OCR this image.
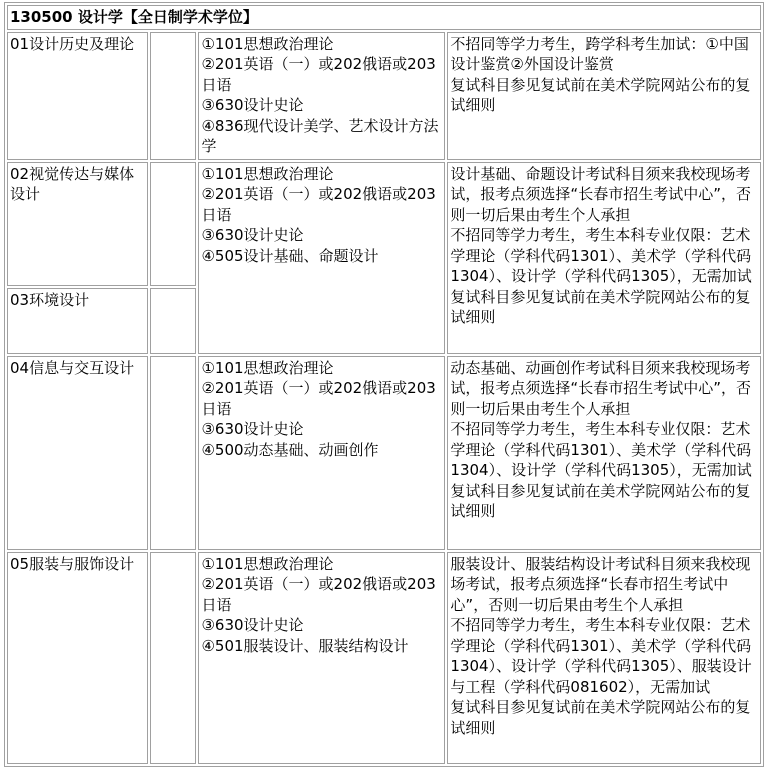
130500 设计学【全日制学术学位】			
01设计历史及理论		①101思想政治理论
②201英语（一）或202俄语或203日语
③630设计史论
④836现代设计美学、艺术设计方法学	不招同等学力考生，跨学科考生加试：①中国设计鉴赏②外国设计鉴赏
复试科目参见复试前在美术学院网站公布的复试细则

02视觉传达与媒体设计		①101思想政治理论
②201英语（一）或202俄语或203日语
③630设计史论
④505设计基础、命题设计	设计基础、命题设计考试科目须来我校现场考试，报考点须选择“长春市招生考试中心”，否则一切后果由考生个人承担
不招同等学力考生，考生本科专业仅限：艺术学理论（学科代码1301）、美术学（学科代码1304）、设计学（学科代码1305），无需加试
复试科目参见复试前在美术学院网站公布的复试细则

03环境设计			
04信息与交互设计		①101思想政治理论
②201英语（一）或202俄语或203日语
③630设计史论
④500动态基础、动画创作	动态基础、动画创作考试科目须来我校现场考试，报考点须选择“长春市招生考试中心”，否则一切后果由考生个人承担
不招同等学力考生，考生本科专业仅限：艺术学理论（学科代码1301）、美术学（学科代码1304）、设计学（学科代码1305），无需加试
复试科目参见复试前在美术学院网站公布的复试细则

05服装与服饰设计		①101思想政治理论
②201英语（一）或202俄语或203日语
③630设计史论
④501服装设计、服装结构设计	服装设计、服装结构设计考试科目须来我校现场考试，报考点须选择“长春市招生考试中心”，否则一切后果由考生个人承担
不招同等学力考生，考生本科专业仅限：艺术学理论（学科代码1301）、美术学（学科代码1304）、设计学（学科代码1305）、服装设计与工程（学科代码081602），无需加试
复试科目参见复试前在美术学院网站公布的复试细则
